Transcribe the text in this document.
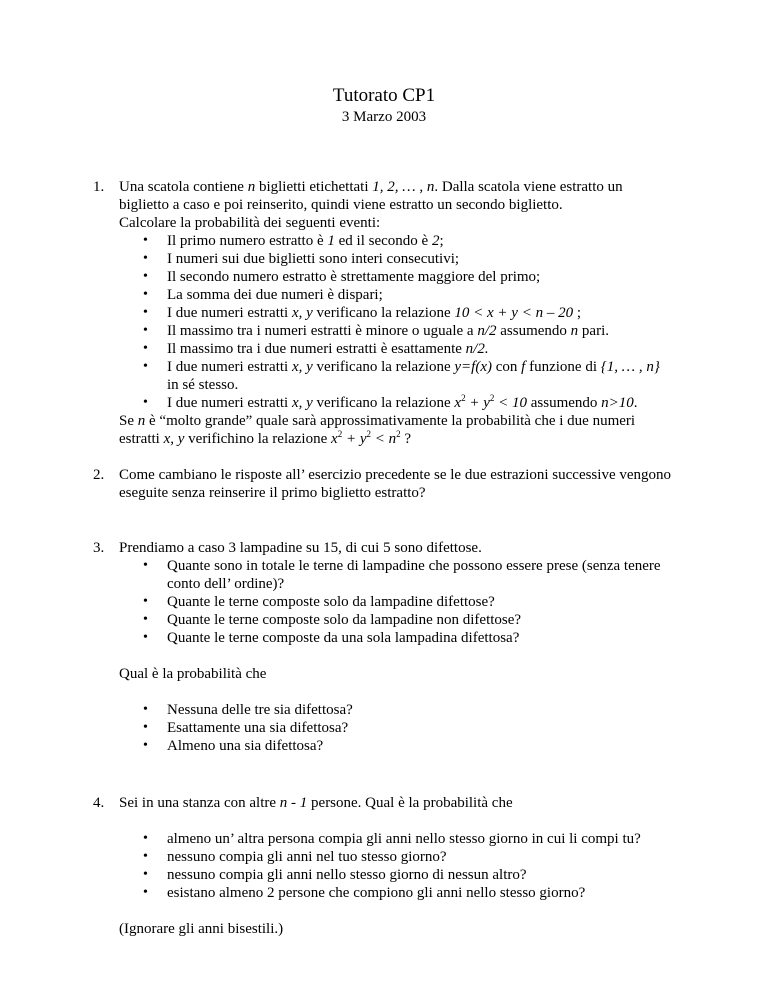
Tutorato CP1
3 Marzo 2003
1. Una scatola contiene n biglietti etichettati 1, 2, … , n. Dalla scatola viene estratto un
biglietto a caso e poi reinserito, quindi viene estratto un secondo biglietto.
Calcolare la probabilità dei seguenti eventi:
• Il primo numero estratto è 1 ed il secondo è 2;
• I numeri sui due biglietti sono interi consecutivi;
• Il secondo numero estratto è strettamente maggiore del primo;
• La somma dei due numeri è dispari;
• I due numeri estratti x, y verificano la relazione 10 < x + y < n – 20 ;
• Il massimo tra i numeri estratti è minore o uguale a n/2 assumendo n pari.
• Il massimo tra i due numeri estratti è esattamente n/2.
• I due numeri estratti x, y verificano la relazione y=f(x) con f funzione di {1, … , n}
in sé stesso.
• I due numeri estratti x, y verificano la relazione $x^2 + y^2 < 10$ assumendo n>10.
Se n è “molto grande” quale sarà approssimativamente la probabilità che i due numeri
estratti x, y verifichino la relazione $x^2 + y^2 < n^2$ ?
2. Come cambiano le risposte all’ esercizio precedente se le due estrazioni successive vengono
eseguite senza reinserire il primo biglietto estratto?
3. Prendiamo a caso 3 lampadine su 15, di cui 5 sono difettose.
• Quante sono in totale le terne di lampadine che possono essere prese (senza tenere
conto dell’ ordine)?
• Quante le terne composte solo da lampadine difettose?
• Quante le terne composte solo da lampadine non difettose?
• Quante le terne composte da una sola lampadina difettosa?
Qual è la probabilità che
• Nessuna delle tre sia difettosa?
• Esattamente una sia difettosa?
• Almeno una sia difettosa?
4. Sei in una stanza con altre n - 1 persone. Qual è la probabilità che
• almeno un’ altra persona compia gli anni nello stesso giorno in cui li compi tu?
• nessuno compia gli anni nel tuo stesso giorno?
• nessuno compia gli anni nello stesso giorno di nessun altro?
• esistano almeno 2 persone che compiono gli anni nello stesso giorno?
(Ignorare gli anni bisestili.)
